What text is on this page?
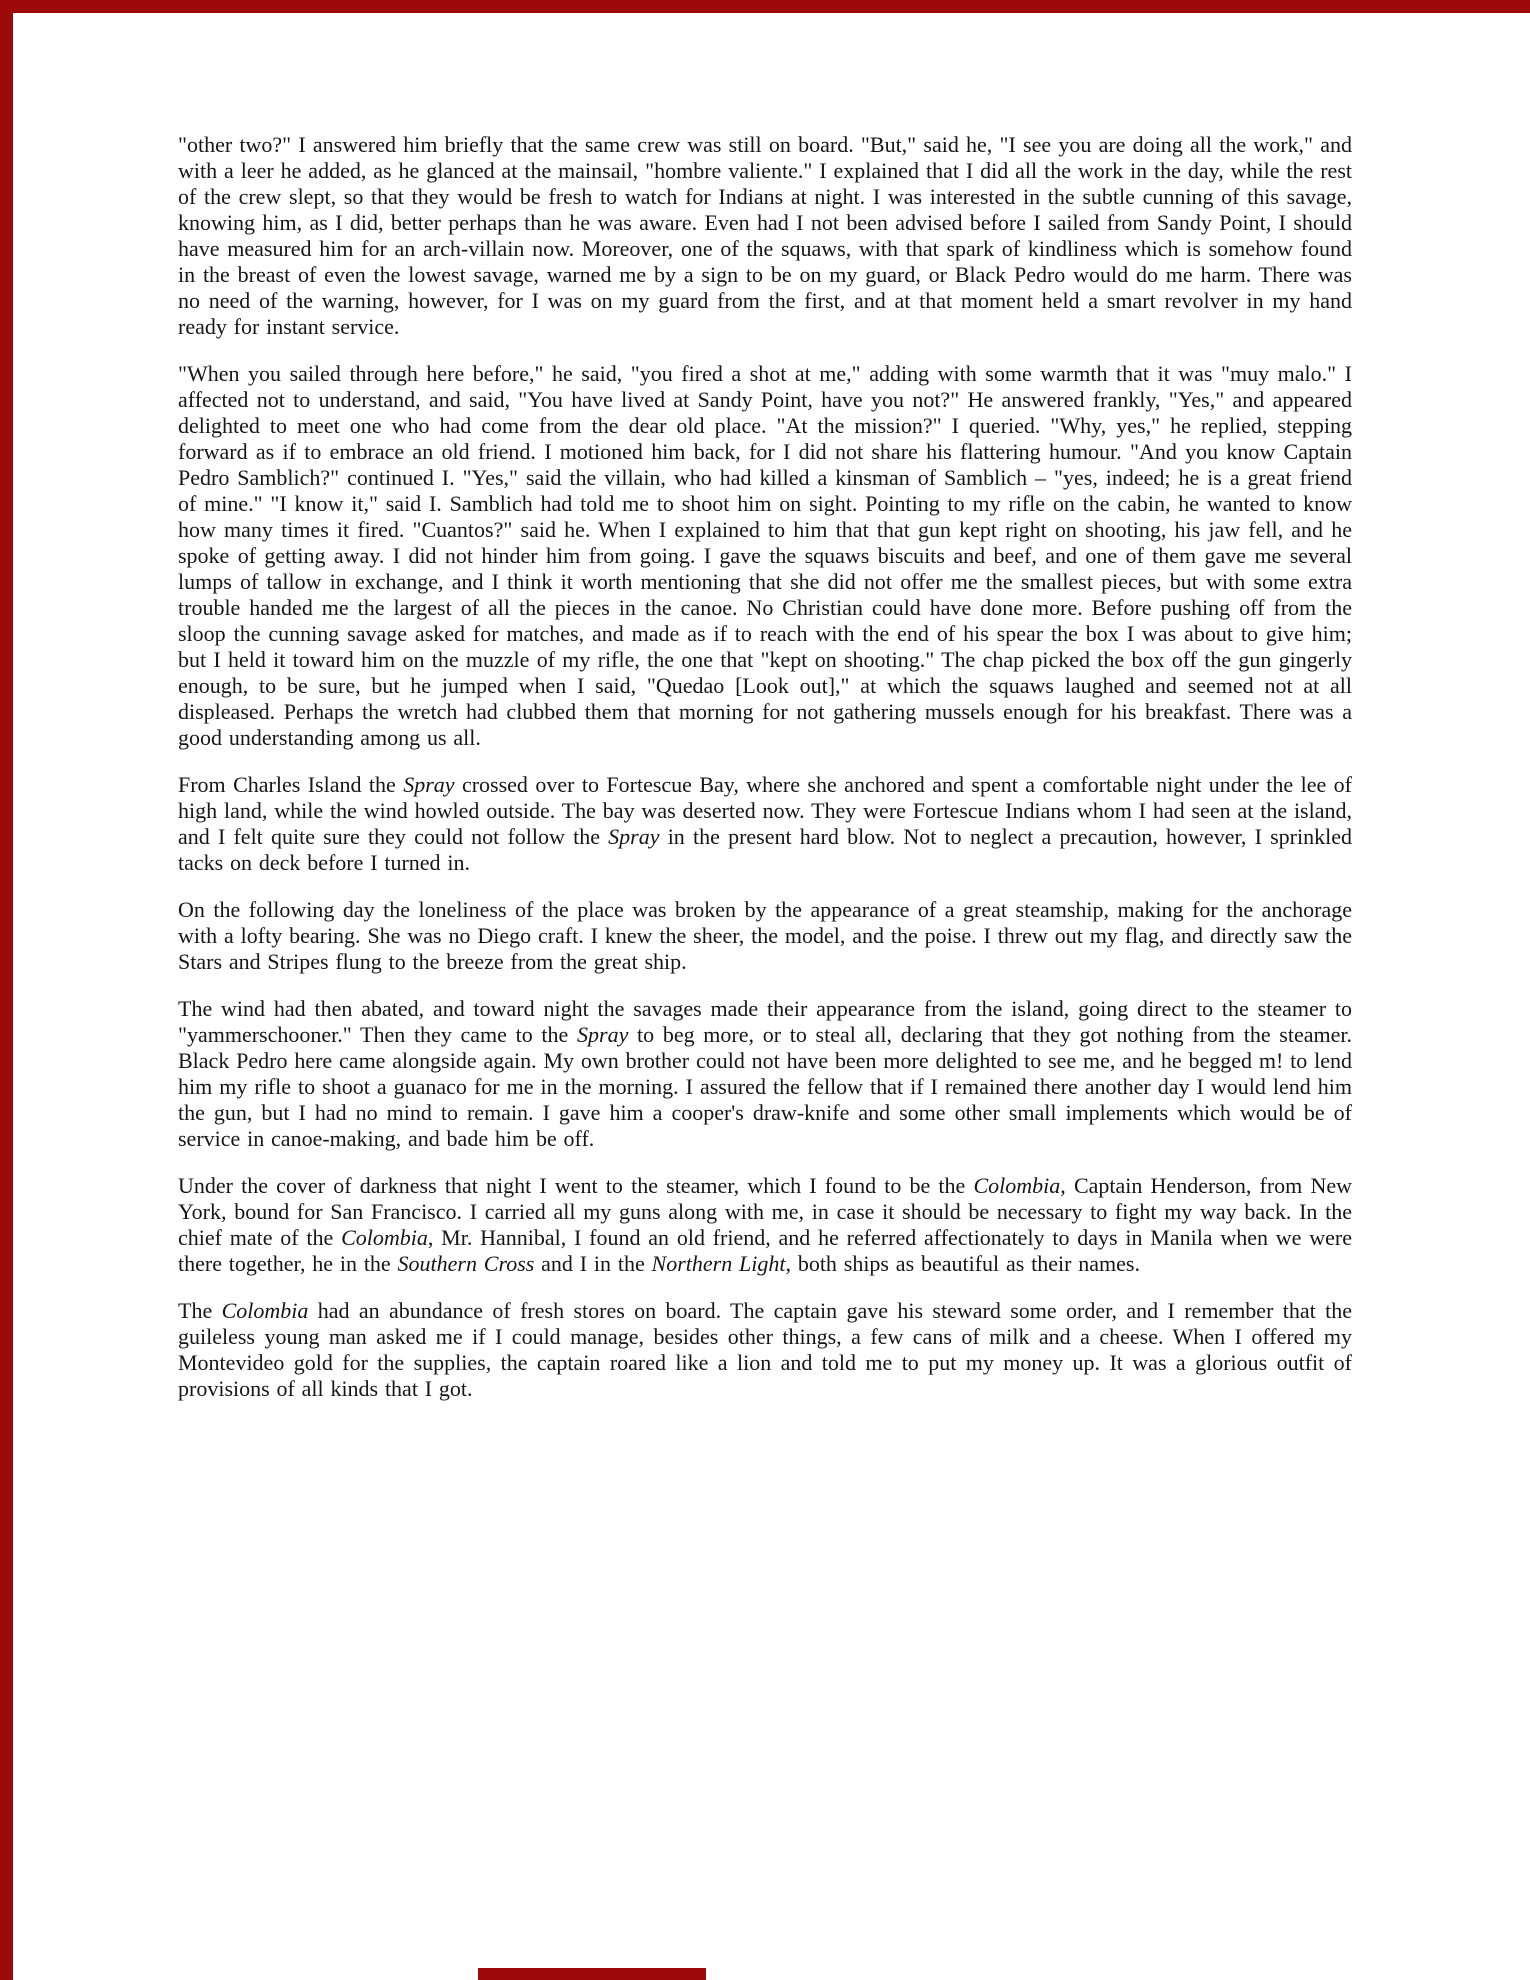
"other two?" I answered him briefly that the same crew was still on board. "But," said he, "I see you are doing all the work," and with a leer he added, as he glanced at the mainsail, "hombre valiente." I explained that I did all the work in the day, while the rest of the crew slept, so that they would be fresh to watch for Indians at night. I was interested in the subtle cunning of this savage, knowing him, as I did, better perhaps than he was aware. Even had I not been advised before I sailed from Sandy Point, I should have measured him for an arch-villain now. Moreover, one of the squaws, with that spark of kindliness which is somehow found in the breast of even the lowest savage, warned me by a sign to be on my guard, or Black Pedro would do me harm. There was no need of the warning, however, for I was on my guard from the first, and at that moment held a smart revolver in my hand ready for instant service.

"When you sailed through here before," he said, "you fired a shot at me," adding with some warmth that it was "muy malo." I affected not to understand, and said, "You have lived at Sandy Point, have you not?" He answered frankly, "Yes," and appeared delighted to meet one who had come from the dear old place. "At the mission?" I queried. "Why, yes," he replied, stepping forward as if to embrace an old friend. I motioned him back, for I did not share his flattering humour. "And you know Captain Pedro Samblich?" continued I. "Yes," said the villain, who had killed a kinsman of Samblich – "yes, indeed; he is a great friend of mine." "I know it," said I. Samblich had told me to shoot him on sight. Pointing to my rifle on the cabin, he wanted to know how many times it fired. "Cuantos?" said he. When I explained to him that that gun kept right on shooting, his jaw fell, and he spoke of getting away. I did not hinder him from going. I gave the squaws biscuits and beef, and one of them gave me several lumps of tallow in exchange, and I think it worth mentioning that she did not offer me the smallest pieces, but with some extra trouble handed me the largest of all the pieces in the canoe. No Christian could have done more. Before pushing off from the sloop the cunning savage asked for matches, and made as if to reach with the end of his spear the box I was about to give him; but I held it toward him on the muzzle of my rifle, the one that "kept on shooting." The chap picked the box off the gun gingerly enough, to be sure, but he jumped when I said, "Quedao [Look out]," at which the squaws laughed and seemed not at all displeased. Perhaps the wretch had clubbed them that morning for not gathering mussels enough for his breakfast. There was a good understanding among us all.

From Charles Island the Spray crossed over to Fortescue Bay, where she anchored and spent a comfortable night under the lee of high land, while the wind howled outside. The bay was deserted now. They were Fortescue Indians whom I had seen at the island, and I felt quite sure they could not follow the Spray in the present hard blow. Not to neglect a precaution, however, I sprinkled tacks on deck before I turned in.

On the following day the loneliness of the place was broken by the appearance of a great steamship, making for the anchorage with a lofty bearing. She was no Diego craft. I knew the sheer, the model, and the poise. I threw out my flag, and directly saw the Stars and Stripes flung to the breeze from the great ship.

The wind had then abated, and toward night the savages made their appearance from the island, going direct to the steamer to "yammerschooner." Then they came to the Spray to beg more, or to steal all, declaring that they got nothing from the steamer. Black Pedro here came alongside again. My own brother could not have been more delighted to see me, and he begged m! to lend him my rifle to shoot a guanaco for me in the morning. I assured the fellow that if I remained there another day I would lend him the gun, but I had no mind to remain. I gave him a cooper's draw-knife and some other small implements which would be of service in canoe-making, and bade him be off.

Under the cover of darkness that night I went to the steamer, which I found to be the Colombia, Captain Henderson, from New York, bound for San Francisco. I carried all my guns along with me, in case it should be necessary to fight my way back. In the chief mate of the Colombia, Mr. Hannibal, I found an old friend, and he referred affectionately to days in Manila when we were there together, he in the Southern Cross and I in the Northern Light, both ships as beautiful as their names.

The Colombia had an abundance of fresh stores on board. The captain gave his steward some order, and I remember that the guileless young man asked me if I could manage, besides other things, a few cans of milk and a cheese. When I offered my Montevideo gold for the supplies, the captain roared like a lion and told me to put my money up. It was a glorious outfit of provisions of all kinds that I got.
